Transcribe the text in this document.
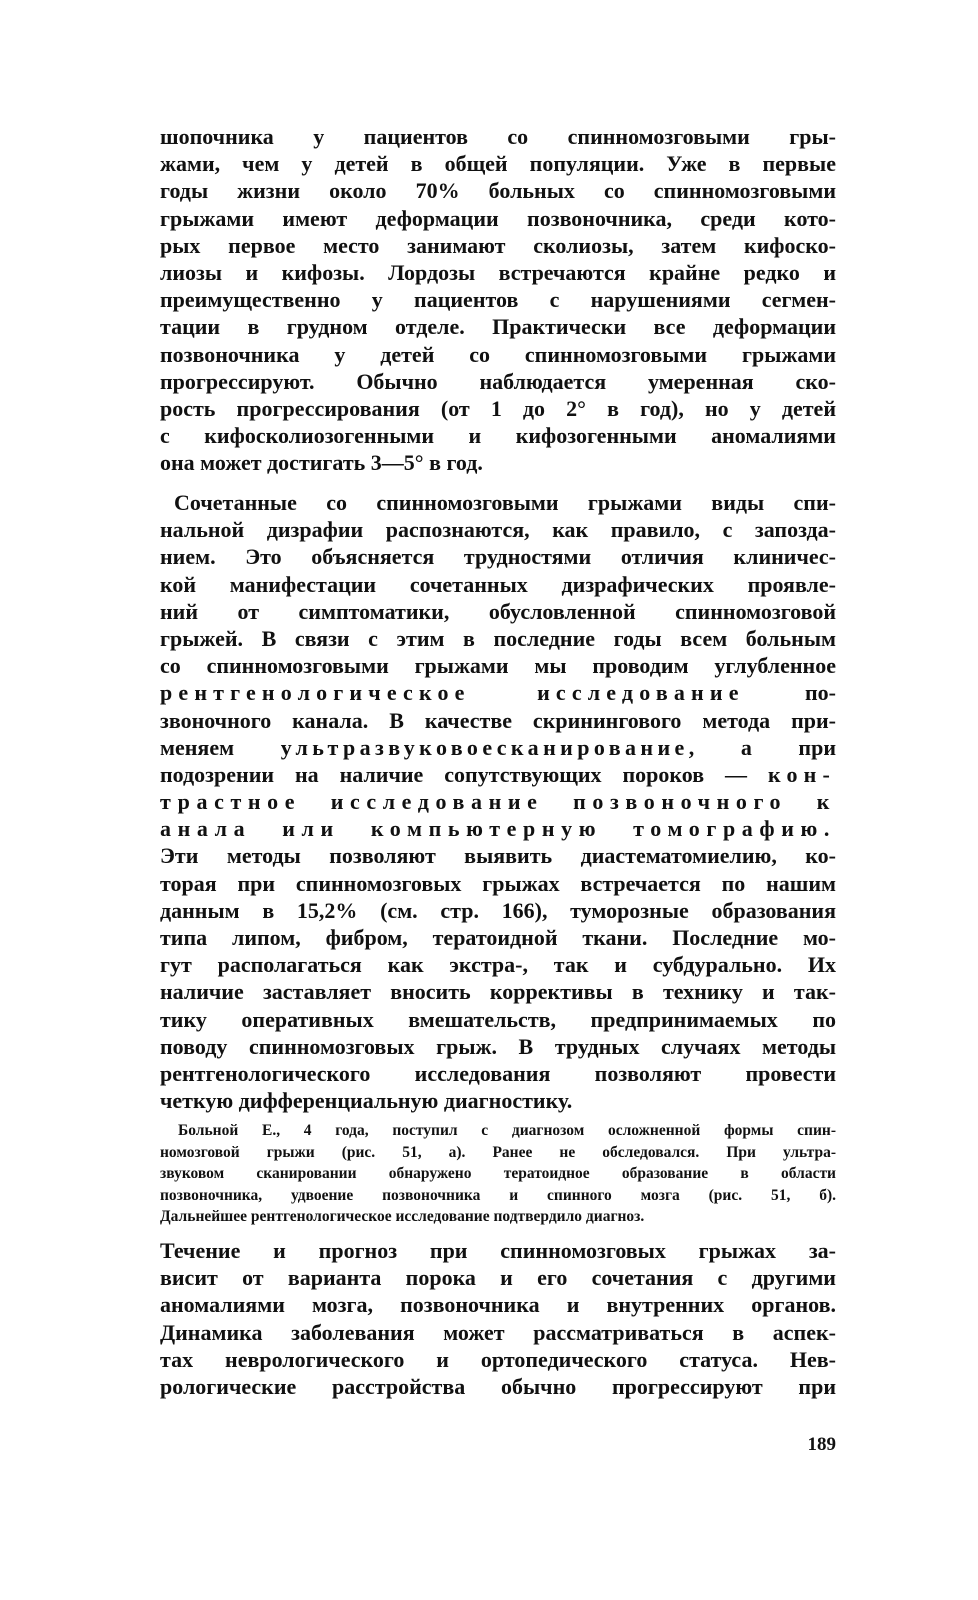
шопочника у пациентов со спинномозговыми гры-
жами, чем у детей в общей популяции. Уже в первые
годы жизни около 70% больных со спинномозговыми
грыжами имеют деформации позвоночника, среди кото-
рых первое место занимают сколиозы, затем кифоско-
лиозы и кифозы. Лордозы встречаются крайне редко и
преимущественно у пациентов с нарушениями сегмен-
тации в грудном отделе. Практически все деформации
позвоночника у детей со спинномозговыми грыжами
прогрессируют. Обычно наблюдается умеренная ско-
рость прогрессирования (от 1 до 2° в год), но у детей
с кифосколиозогенными и кифозогенными аномалиями
она может достигать 3—5° в год.
Сочетанные со спинномозговыми грыжами виды спи-
нальной дизрафии распознаются, как правило, с запозда-
нием. Это объясняется трудностями отличия клиничес-
кой манифестации сочетанных дизрафических проявле-
ний от симптоматики, обусловленной спинномозговой
грыжей. В связи с этим в последние годы всем больным
со спинномозговыми грыжами мы проводим углубленное
рентгенологическое исследование по-
звоночного канала. В качестве скринингового метода при-
меняем ультразвуковоесканирование, а при
подозрении на наличие сопутствующих пороков — кон-
трастное исследование позвоночного к
анала или компьютерную томографию.
Эти методы позволяют выявить диастематомиелию, ко-
торая при спинномозговых грыжах встречается по нашим
данным в 15,2% (см. стр. 166), туморозные образования
типа липом, фибром, тератоидной ткани. Последние мо-
гут располагаться как экстра-, так и субдурально. Их
наличие заставляет вносить коррективы в технику и так-
тику оперативных вмешательств, предпринимаемых по
поводу спинномозговых грыж. В трудных случаях методы
рентгенологического исследования позволяют провести
четкую дифференциальную диагностику.
Больной Е., 4 года, поступил с диагнозом осложненной формы спин-
номозговой грыжи (рис. 51, а). Ранее не обследовался. При ультра-
звуковом сканировании обнаружено тератоидное образование в области
позвоночника, удвоение позвоночника и спинного мозга (рис. 51, б).
Дальнейшее рентгенологическое исследование подтвердило диагноз.
Течение и прогноз при спинномозговых грыжах за-
висит от варианта порока и его сочетания с другими
аномалиями мозга, позвоночника и внутренних органов.
Динамика заболевания может рассматриваться в аспек-
тах неврологического и ортопедического статуса. Нев-
рологические расстройства обычно прогрессируют при
189
